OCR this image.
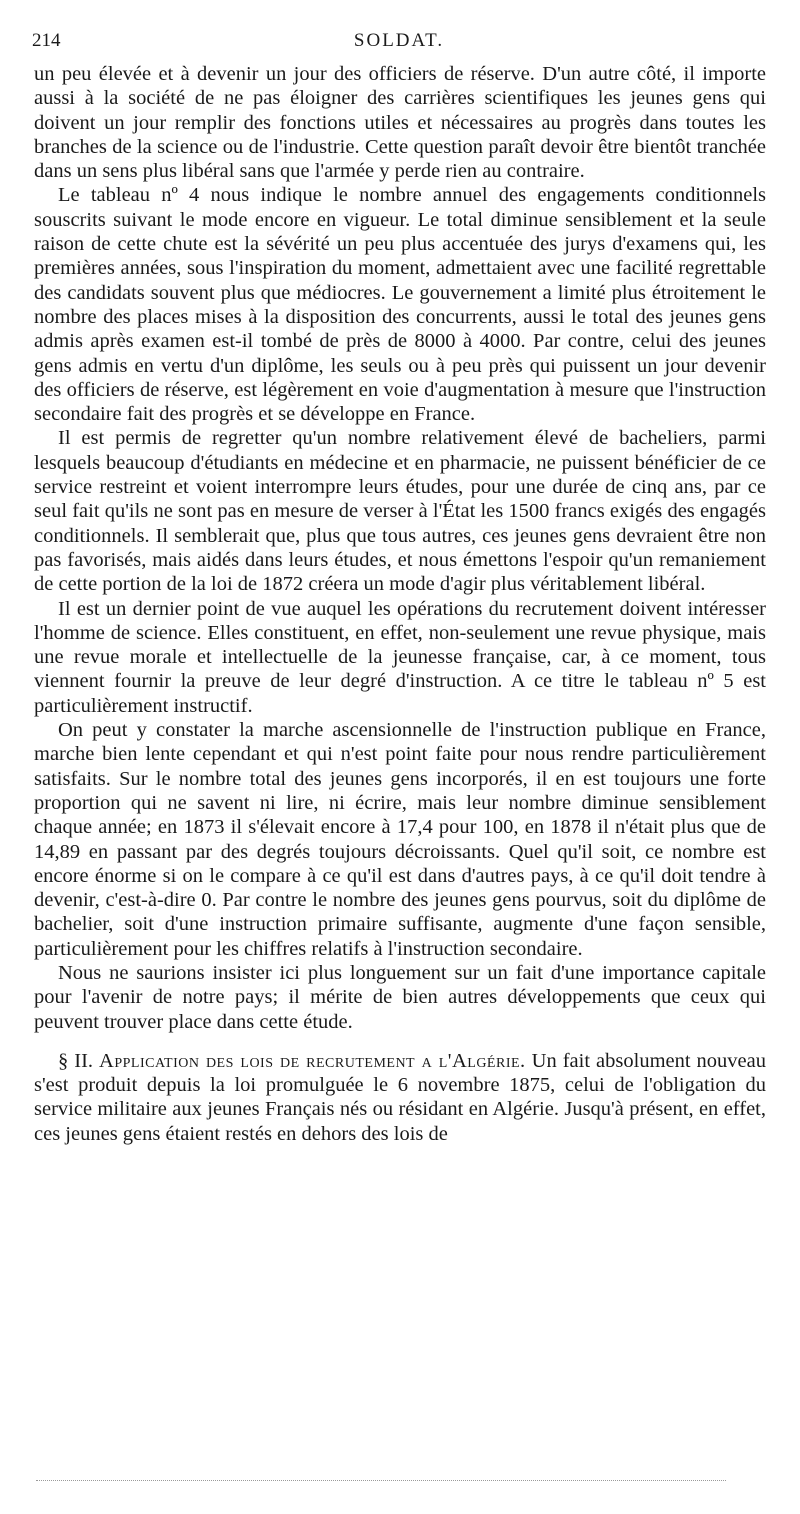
214	SOLDAT.

un peu élevée et à devenir un jour des officiers de réserve. D'un autre côté, il importe aussi à la société de ne pas éloigner des carrières scientifiques les jeunes gens qui doivent un jour remplir des fonctions utiles et nécessaires au progrès dans toutes les branches de la science ou de l'industrie. Cette question paraît devoir être bientôt tranchée dans un sens plus libéral sans que l'armée y perde rien au contraire.

Le tableau nº 4 nous indique le nombre annuel des engagements conditionnels souscrits suivant le mode encore en vigueur. Le total diminue sensiblement et la seule raison de cette chute est la sévérité un peu plus accentuée des jurys d'examens qui, les premières années, sous l'inspiration du moment, admettaient avec une facilité regrettable des candidats souvent plus que médiocres. Le gouvernement a limité plus étroitement le nombre des places mises à la disposition des concurrents, aussi le total des jeunes gens admis après examen est-il tombé de près de 8000 à 4000. Par contre, celui des jeunes gens admis en vertu d'un diplôme, les seuls ou à peu près qui puissent un jour devenir des officiers de réserve, est légèrement en voie d'augmentation à mesure que l'instruction secondaire fait des progrès et se développe en France.

Il est permis de regretter qu'un nombre relativement élevé de bacheliers, parmi lesquels beaucoup d'étudiants en médecine et en pharmacie, ne puissent bénéficier de ce service restreint et voient interrompre leurs études, pour une durée de cinq ans, par ce seul fait qu'ils ne sont pas en mesure de verser à l'État les 1500 francs exigés des engagés conditionnels. Il semblerait que, plus que tous autres, ces jeunes gens devraient être non pas favorisés, mais aidés dans leurs études, et nous émettons l'espoir qu'un remaniement de cette portion de la loi de 1872 créera un mode d'agir plus véritablement libéral.

Il est un dernier point de vue auquel les opérations du recrutement doivent intéresser l'homme de science. Elles constituent, en effet, non-seulement une revue physique, mais une revue morale et intellectuelle de la jeunesse française, car, à ce moment, tous viennent fournir la preuve de leur degré d'instruction. A ce titre le tableau nº 5 est particulièrement instructif.

On peut y constater la marche ascensionnelle de l'instruction publique en France, marche bien lente cependant et qui n'est point faite pour nous rendre particulièrement satisfaits. Sur le nombre total des jeunes gens incorporés, il en est toujours une forte proportion qui ne savent ni lire, ni écrire, mais leur nombre diminue sensiblement chaque année; en 1873 il s'élevait encore à 17,4 pour 100, en 1878 il n'était plus que de 14,89 en passant par des degrés toujours décroissants. Quel qu'il soit, ce nombre est encore énorme si on le compare à ce qu'il est dans d'autres pays, à ce qu'il doit tendre à devenir, c'est-à-dire 0. Par contre le nombre des jeunes gens pourvus, soit du diplôme de bachelier, soit d'une instruction primaire suffisante, augmente d'une façon sensible, particulièrement pour les chiffres relatifs à l'instruction secondaire.

Nous ne saurions insister ici plus longuement sur un fait d'une importance capitale pour l'avenir de notre pays; il mérite de bien autres développements que ceux qui peuvent trouver place dans cette étude.

§ II. Application des lois de recrutement a l'Algérie. Un fait absolument nouveau s'est produit depuis la loi promulguée le 6 novembre 1875, celui de l'obligation du service militaire aux jeunes Français nés ou résidant en Algérie. Jusqu'à présent, en effet, ces jeunes gens étaient restés en dehors des lois de
